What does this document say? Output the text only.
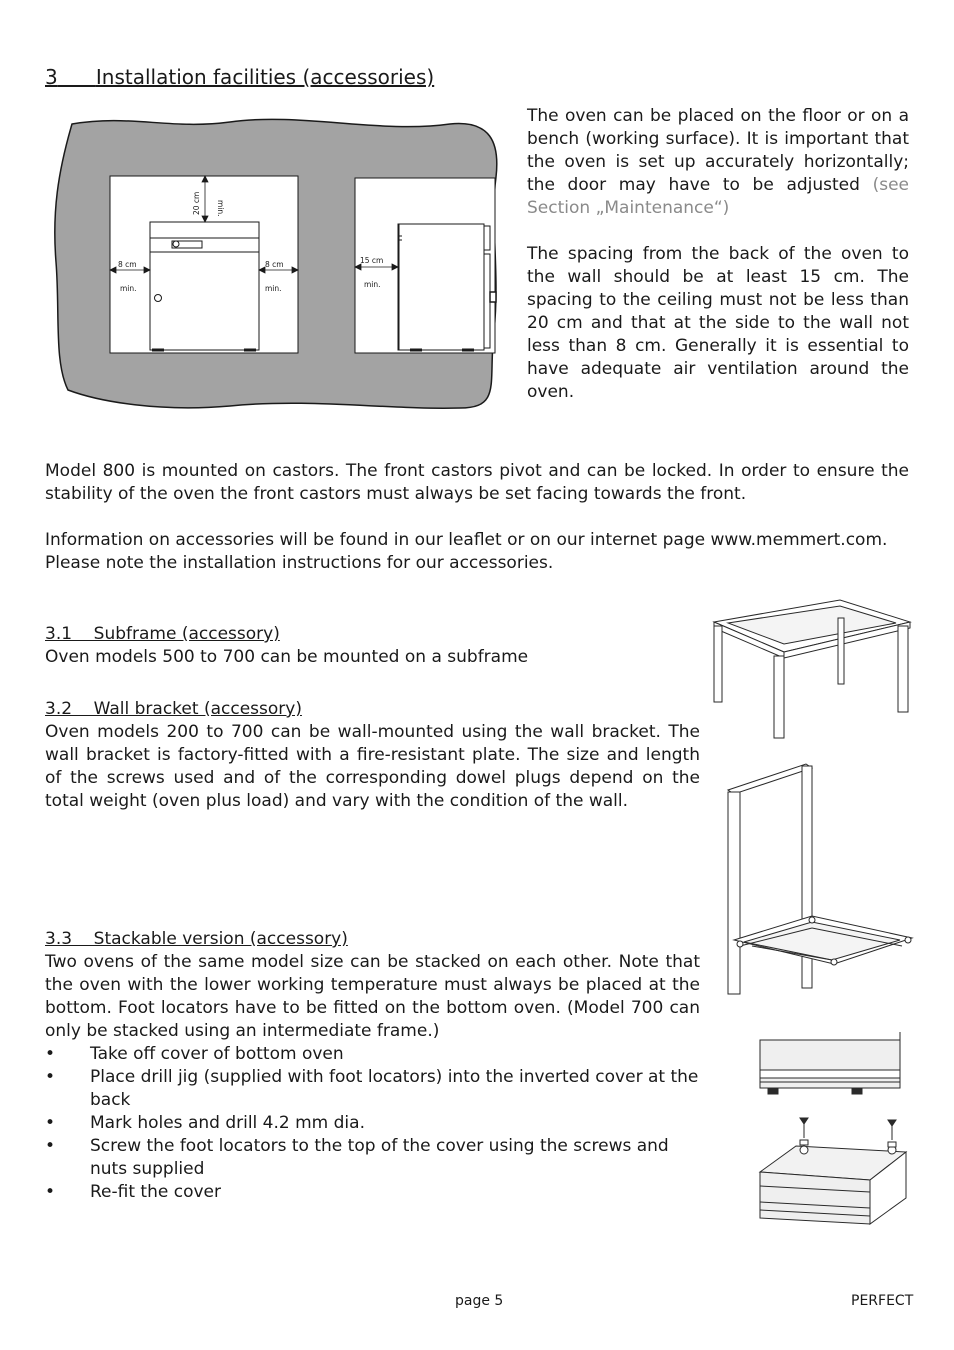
3 Installation facilities (accessories)
20 cm min.
8 cm
min.
8 cm
min.
15 cm
min.
The oven can be placed on the floor or on a bench (working surface). It is important that the oven is set up accurately horizontally; the door may have to be adjusted (see Section „Maintenance“)
The spacing from the back of the oven to the wall should be at least 15 cm. The spacing to the ceiling must not be less than 20 cm and that at the side to the wall not less than 8 cm. Generally it is essential to have adequate air ventilation around the oven.
Model 800 is mounted on castors. The front castors pivot and can be locked. In order to ensure the stability of the oven the front castors must always be set facing towards the front.
Information on accessories will be found in our leaflet or on our internet page www.memmert.com.
Please note the installation instructions for our accessories.
3.1    Subframe (accessory)
Oven models 500 to 700 can be mounted on a subframe
3.2    Wall bracket (accessory)
Oven models 200 to 700 can be wall-mounted using the wall bracket. The wall bracket is factory-fitted with a fire-resistant plate. The size and length of the screws used and of the corresponding dowel plugs depend on the total weight (oven plus load) and vary with the condition of the wall.
3.3    Stackable version (accessory)
Two ovens of the same model size can be stacked on each other. Note that the oven with the lower working temperature must always be placed at the bottom. Foot locators have to be fitted on the bottom oven. (Model 700 can only be stacked using an intermediate frame.)
• Take off cover of bottom oven
• Place drill jig (supplied with foot locators) into the inverted cover at the back
• Mark holes and drill 4.2 mm dia.
• Screw the foot locators to the top of the cover using the screws and nuts supplied
• Re-fit the cover
page 5	PERFECT
